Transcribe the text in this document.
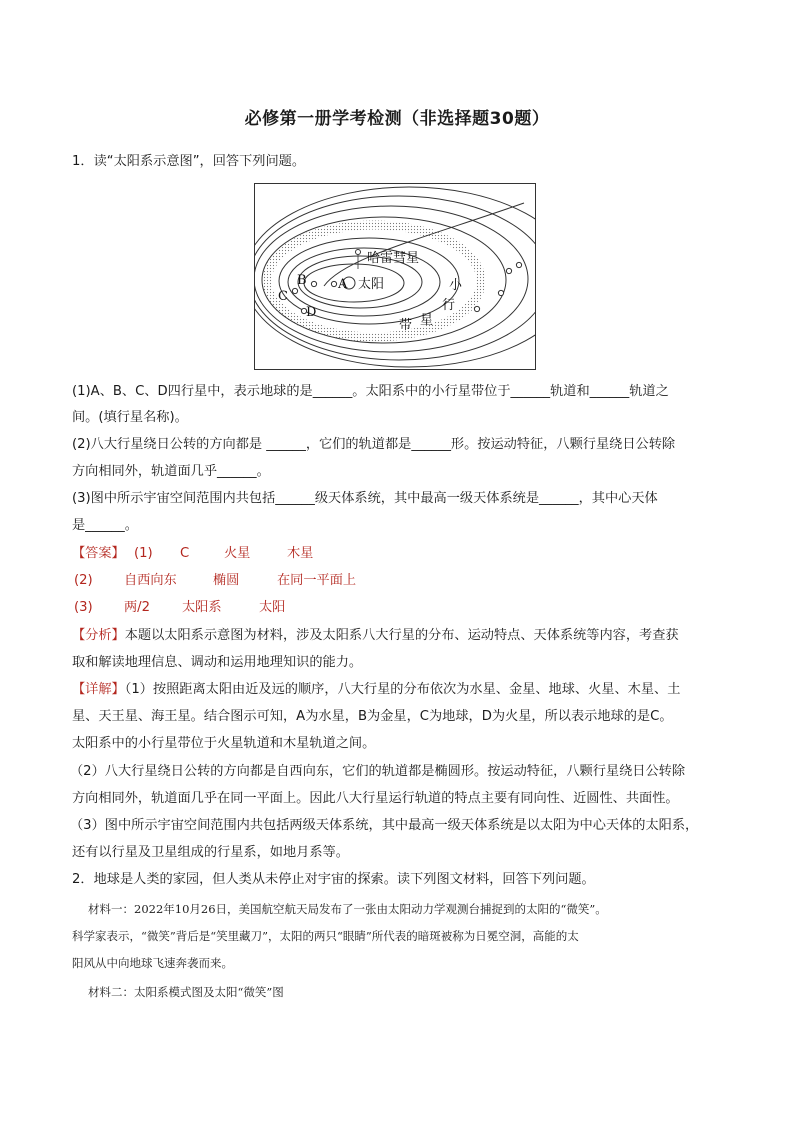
必修第一册学考检测（非选择题30题）
1．读“太阳系示意图”，回答下列问题。
哈雷彗星
太阳
A
B
C
D
小
行
星
带
(1)A、B、C、D四行星中，表示地球的是______。太阳系中的小行星带位于______轨道和______轨道之
间。(填行星名称)。
(2)八大行星绕日公转的方向都是 ______，它们的轨道都是______形。按运动特征，八颗行星绕日公转除
方向相同外，轨道面几乎______。
(3)图中所示宇宙空间范围内共包括______级天体系统，其中最高一级天体系统是______，其中心天体
是______。
【答案】 (1) C	火星	木星
(2) 自西向东	椭圆	在同一平面上
(3) 两/2 太阳系	太阳
【分析】本题以太阳系示意图为材料，涉及太阳系八大行星的分布、运动特点、天体系统等内容，考查获
取和解读地理信息、调动和运用地理知识的能力。
【详解】（1）按照距离太阳由近及远的顺序，八大行星的分布依次为水星、金星、地球、火星、木星、土
星、天王星、海王星。结合图示可知，A为水星，B为金星，C为地球，D为火星，所以表示地球的是C。
太阳系中的小行星带位于火星轨道和木星轨道之间。
（2）八大行星绕日公转的方向都是自西向东，它们的轨道都是椭圆形。按运动特征，八颗行星绕日公转除
方向相同外，轨道面几乎在同一平面上。因此八大行星运行轨道的特点主要有同向性、近圆性、共面性。
（3）图中所示宇宙空间范围内共包括两级天体系统，其中最高一级天体系统是以太阳为中心天体的太阳系，
还有以行星及卫星组成的行星系，如地月系等。
2．地球是人类的家园，但人类从未停止对宇宙的探索。读下列图文材料，回答下列问题。
材料一：2022年10月26日，美国航空航天局发布了一张由太阳动力学观测台捕捉到的太阳的“微笑”。
科学家表示，“微笑”背后是“笑里藏刀”，太阳的两只“眼睛”所代表的暗斑被称为日冕空洞，高能的太
阳风从中向地球飞速奔袭而来。
材料二：太阳系模式图及太阳“微笑”图
